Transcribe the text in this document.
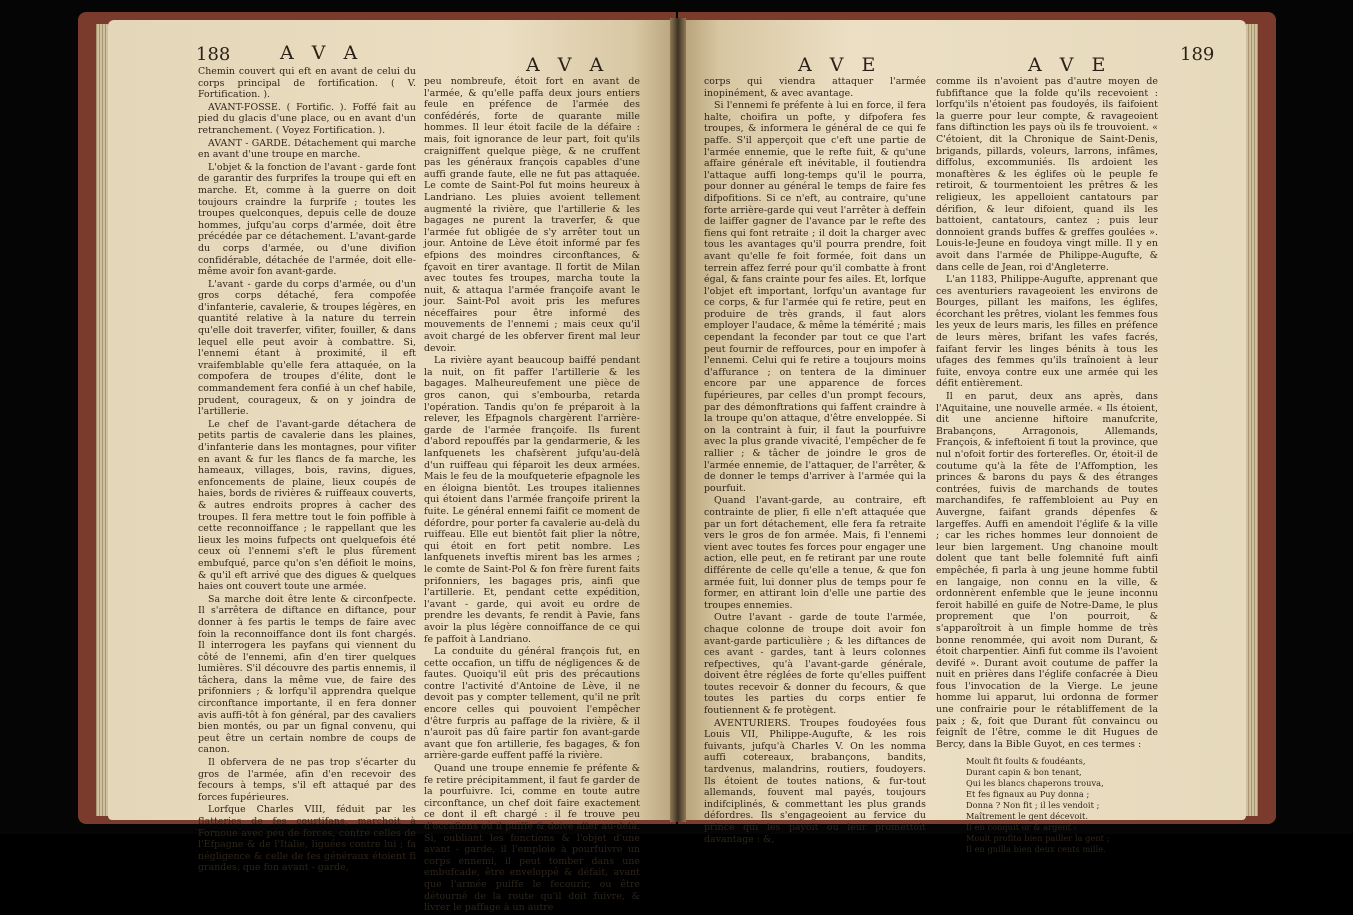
188	A V A
A V A

Chemin couvert qui eft en avant de celui du corps principal de fortification. ( V. Fortification. ).

AVANT-FOSSE. ( Fortific. ). Foffé fait au pied du glacis d'une place, ou en avant d'un retranchement. ( Voyez Fortification. ).

AVANT - GARDE. Détachement qui marche en avant d'une troupe en marche.

L'objet & la fonction de l'avant - garde font de garantir des furprifes la troupe qui eft en marche. Et, comme à la guerre on doit toujours craindre la furprife ; toutes les troupes quelconques, depuis celle de douze hommes, jufqu'au corps d'armée, doit être précédée par ce détachement. L'avant-garde du corps d'armée, ou d'une divifion confidérable, détachée de l'armée, doit elle-même avoir fon avant-garde.

L'avant - garde du corps d'armée, ou d'un gros corps détaché, fera compofée d'infanterie, cavalerie, & troupes légères, en quantité relative à la nature du terrein qu'elle doit traverfer, vifiter, fouiller, & dans lequel elle peut avoir à combattre. Si, l'ennemi étant à proximité, il eft vraifemblable qu'elle fera attaquée, on la compofera de troupes d'élite, dont le commandement fera confié à un chef habile, prudent, courageux, & on y joindra de l'artillerie.

Le chef de l'avant-garde détachera de petits partis de cavalerie dans les plaines, d'infanterie dans les montagnes, pour vifiter en avant & fur les flancs de fa marche, les hameaux, villages, bois, ravins, digues, enfoncements de plaine, lieux coupés de haies, bords de rivières & ruiffeaux couverts, & autres endroits propres à cacher des troupes. Il fera mettre tout le foin poffible à cette reconnoiffance ; le rappellant que les lieux les moins fufpects ont quelquefois été ceux où l'ennemi s'eft le plus fûrement embufqué, parce qu'on s'en défioit le moins, & qu'il eft arrivé que des digues & quelques haies ont couvert toute une armée.

Sa marche doit être lente & circonfpecte. Il s'arrêtera de diftance en diftance, pour donner à fes partis le temps de faire avec foin la reconnoiffance dont ils font chargés. Il interrogera les payfans qui viennent du côté de l'ennemi, afin d'en tirer quelques lumières. S'il découvre des partis ennemis, il tâchera, dans la même vue, de faire des prifonniers ; & lorfqu'il apprendra quelque circonftance importante, il en fera donner avis auffi-tôt à fon général, par des cavaliers bien montés, ou par un fignal convenu, qui peut être un certain nombre de coups de canon.

Il obfervera de ne pas trop s'écarter du gros de l'armée, afin d'en recevoir des fecours à temps, s'il eft attaqué par des forces fupérieures.

Lorfque Charles VIII, féduit par les flatteries de fes courtifans, marchoit à Fornoue avec peu de forces, contre celles de l'Efpagne & de l'Italie, liguées contre lui ; fa négligence & celle de fes généraux étoient fi grandes, que fon avant - garde,

peu nombreufe, étoit fort en avant de l'armée, & qu'elle paffa deux jours entiers feule en préfence de l'armée des confédérés, forte de quarante mille hommes. Il leur étoit facile de la défaire : mais, foit ignorance de leur part, foit qu'ils craigniffent quelque piège, & ne cruffent pas les généraux françois capables d'une auffi grande faute, elle ne fut pas attaquée. Le comte de Saint-Pol fut moins heureux à Landriano. Les pluies avoient tellement augmenté la rivière, que l'artillerie & les bagages ne purent la traverfer, & que l'armée fut obligée de s'y arrêter tout un jour. Antoine de Lève étoit informé par fes efpions des moindres circonftances, & fçavoit en tirer avantage. Il fortit de Milan avec toutes fes troupes, marcha toute la nuit, & attaqua l'armée françoife avant le jour. Saint-Pol avoit pris les mefures néceffaires pour être informé des mouvements de l'ennemi ; mais ceux qu'il avoit chargé de les obferver firent mal leur devoir.

La rivière ayant beaucoup baiffé pendant la nuit, on fit paffer l'artillerie & les bagages. Malheureufement une pièce de gros canon, qui s'embourba, retarda l'opération. Tandis qu'on fe préparoit à la relever, les Efpagnols chargèrent l'arrière-garde de l'armée françoife. Ils furent d'abord repouffés par la gendarmerie, & les lanfquenets les chafsèrent jufqu'au-delà d'un ruiffeau qui féparoit les deux armées. Mais le feu de la moufqueterie efpagnole les en éloigna bientôt. Les troupes italiennes qui étoient dans l'armée françoife prirent la fuite. Le général ennemi faifit ce moment de défordre, pour porter fa cavalerie au-delà du ruiffeau. Elle eut bientôt fait plier la nôtre, qui étoit en fort petit nombre. Les lanfquenets inveftis mirent bas les armes ; le comte de Saint-Pol & fon frère furent faits prifonniers, les bagages pris, ainfi que l'artillerie. Et, pendant cette expédition, l'avant - garde, qui avoit eu ordre de prendre les devants, fe rendit à Pavie, fans avoir la plus légère connoiffance de ce qui fe paffoit à Landriano.

La conduite du général françois fut, en cette occafion, un tiffu de négligences & de fautes. Quoiqu'il eût pris des précautions contre l'activité d'Antoine de Lève, il ne devoit pas y compter tellement, qu'il ne prît encore celles qui pouvoient l'empêcher d'être furpris au paffage de la rivière, & il n'auroit pas dû faire partir fon avant-garde avant que fon artillerie, fes bagages, & fon arrière-garde euffent paffé la rivière.

Quand une troupe ennemie fe préfente & fe retire précipitamment, il faut fe garder de la pourfuivre. Ici, comme en toute autre circonftance, un chef doit faire exactement ce dont il eft chargé : il fe trouve peu d'occafions où il puiffe & doive aller au-delà. Si, oubliant les fonctions & l'objet d'une avant - garde, il l'emploie à pourfuivre un corps ennemi, il peut tomber dans une embufcade, être enveloppé & défait, avant que l'armée puiffe le fecourir, ou être détourné de la route qu'il doit fuivre, & livrer le paffage à un autre

A V E	A V E	189

corps qui viendra attaquer l'armée inopinément, & avec avantage.

Si l'ennemi fe préfente à lui en force, il fera halte, choifira un pofte, y difpofera fes troupes, & informera le général de ce qui fe paffe. S'il apperçoit que c'eft une partie de l'armée ennemie, que le refte fuit, & qu'une affaire générale eft inévitable, il foutiendra l'attaque auffi long-temps qu'il le pourra, pour donner au général le temps de faire fes difpofitions. Si ce n'eft, au contraire, qu'une forte arrière-garde qui veut l'arrêter à deffein de laiffer gagner de l'avance par le refte des fiens qui font retraite ; il doit la charger avec tous les avantages qu'il pourra prendre, foit avant qu'elle fe foit formée, foit dans un terrein affez ferré pour qu'il combatte à front égal, & fans crainte pour fes ailes. Et, lorfque l'objet eft important, lorfqu'un avantage fur ce corps, & fur l'armée qui fe retire, peut en produire de très grands, il faut alors employer l'audace, & même la témérité ; mais cependant la feconder par tout ce que l'art peut fournir de reffources, pour en impofer à l'ennemi. Celui qui fe retire a toujours moins d'affurance ; on tentera de la diminuer encore par une apparence de forces fupérieures, par celles d'un prompt fecours, par des démonftrations qui faffent craindre à la troupe qu'on attaque, d'être enveloppée. Si on la contraint à fuir, il faut la pourfuivre avec la plus grande vivacité, l'empêcher de fe rallier ; & tâcher de joindre le gros de l'armée ennemie, de l'attaquer, de l'arrêter, & de donner le temps d'arriver à l'armée qui la pourfuit.

Quand l'avant-garde, au contraire, eft contrainte de plier, fi elle n'eft attaquée que par un fort détachement, elle fera fa retraite vers le gros de fon armée. Mais, fi l'ennemi vient avec toutes fes forces pour engager une action, elle peut, en fe retirant par une route différente de celle qu'elle a tenue, & que fon armée fuit, lui donner plus de temps pour fe former, en attirant loin d'elle une partie des troupes ennemies.

Outre l'avant - garde de toute l'armée, chaque colonne de troupe doit avoir fon avant-garde particulière ; & les diftances de ces avant - gardes, tant à leurs colonnes refpectives, qu'à l'avant-garde générale, doivent être réglées de forte qu'elles puiffent toutes recevoir & donner du fecours, & que toutes les parties du corps entier fe foutiennent & fe protègent.

AVENTURIERS. Troupes foudoyées fous Louis VII, Philippe-Augufte, & les rois fuivants, jufqu'à Charles V. On les nomma auffi cotereaux, brabançons, bandits, tardvenus, malandrins, routiers, foudoyers. Ils étoient de toutes nations, & fur-tout allemands, fouvent mal payés, toujours indifciplinés, & commettant les plus grands défordres. Ils s'engageoient au fervice du prince qui les payoit ou leur promettoit davantage : &,

comme ils n'avoient pas d'autre moyen de fubfiftance que la folde qu'ils recevoient : lorfqu'ils n'étoient pas foudoyés, ils faifoient la guerre pour leur compte, & ravageoient fans diftinction les pays où ils fe trouvoient. « C'étoient, dit la Chronique de Saint-Denis, brigands, pillards, voleurs, larrons, infâmes, diffolus, excommuniés. Ils ardoient les monaftères & les églifes où le peuple fe retiroit, & tourmentoient les prêtres & les religieux, les appelloient cantatours par dérifion, & leur difoient, quand ils les battoient, cantatours, cantez ; puis leur donnoient grands buffes & greffes goulées ». Louis-le-Jeune en foudoya vingt mille. Il y en avoit dans l'armée de Philippe-Augufte, & dans celle de Jean, roi d'Angleterre.

L'an 1183, Philippe-Augufte, apprenant que ces aventuriers ravageoient les environs de Bourges, pillant les maifons, les églifes, écorchant les prêtres, violant les femmes fous les yeux de leurs maris, les filles en préfence de leurs mères, brifant les vafes facrés, faifant fervir les linges bénits à tous les ufages des femmes qu'ils traînoient à leur fuite, envoya contre eux une armée qui les défit entièrement.

Il en parut, deux ans après, dans l'Aquitaine, une nouvelle armée. « Ils étoient, dit une ancienne hiftoire manufcrite, Brabançons, Arragonois, Allemands, François, & infeftoient fi tout la province, que nul n'ofoit fortir des forterefles. Or, étoit-il de coutume qu'à la fête de l'Affomption, les princes & barons du pays & des étranges contrées, fuivis de marchands de toutes marchandifes, fe raffembloient au Puy en Auvergne, faifant grands dépenfes & largeffes. Auffi en amendoit l'églife & la ville ; car les riches hommes leur donnoient de leur bien largement. Ung chanoine moult dolent que tant belle folemnité fuft ainfi empêchée, fi parla à ung jeune homme fubtil en langaige, non connu en la ville, & ordonnèrent enfemble que le jeune inconnu feroit habillé en guife de Notre-Dame, le plus proprement que l'on pourroit, & s'apparoîtroit à un fimple homme de très bonne renommée, qui avoit nom Durant, & étoit charpentier. Ainfi fut comme ils l'avoient devifé ». Durant avoit coutume de paffer la nuit en prières dans l'églife confacrée à Dieu fous l'invocation de la Vierge. Le jeune homme lui apparut, lui ordonna de former une confrairie pour le rétabliffement de la paix ; &, foit que Durant fût convaincu ou feignît de l'être, comme le dit Hugues de Bercy, dans la Bible Guyot, en ces termes :

Moult fit foults & foudéants,
Durant capin & bon tenant,
Qui les blancs chaperons trouva,
Et fes fignaux au Puy donna ;
Donna ? Non fit ; il les vendoit ;
Maîtrement le gent décevoit.
Il en conquit or & argent :
Moult profita bien pailler la gent ;
Il en guilla bien deux cents mille.
